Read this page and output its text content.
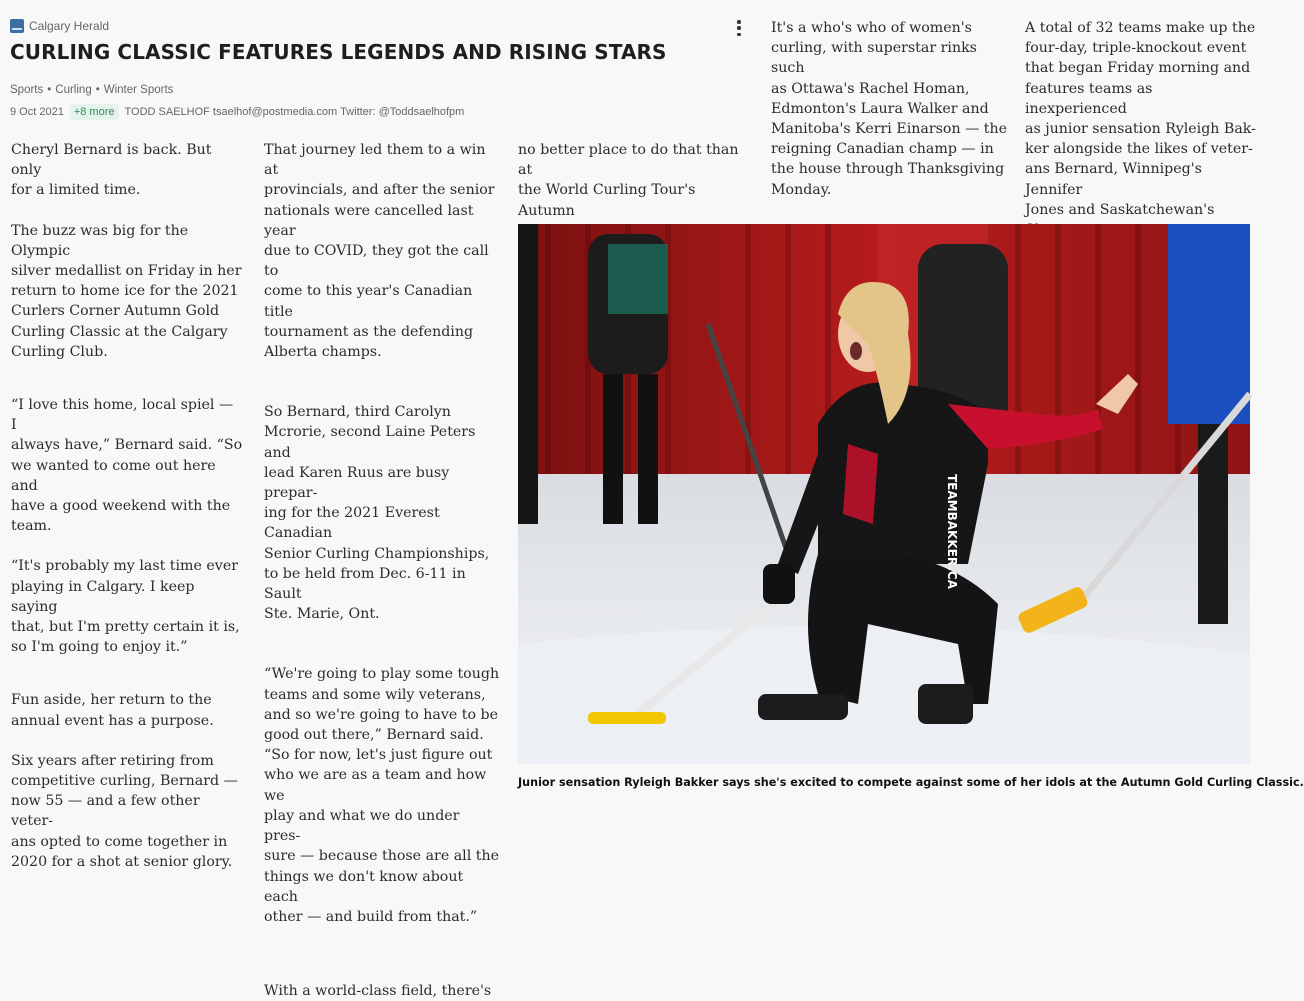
Calgary Herald
CURLING CLASSIC FEATURES LEGENDS AND RISING STARS
Sports • Curling • Winter Sports
9 Oct 2021 +8 more TODD SAELHOF tsaelhof@postmedia.com Twitter: @Toddsaelhofpm

Cheryl Bernard is back. But only
for a limited time.

The buzz was big for the Olympic
silver medallist on Friday in her
return to home ice for the 2021
Curlers Corner Autumn Gold
Curling Classic at the Calgary
Curling Club.

“I love this home, local spiel — I
always have,” Bernard said. “So
we wanted to come out here and
have a good weekend with the
team.

“It's probably my last time ever
playing in Calgary. I keep saying
that, but I'm pretty certain it is,
so I'm going to enjoy it.”

Fun aside, her return to the
annual event has a purpose.

Six years after retiring from
competitive curling, Bernard —
now 55 — and a few other veter-
ans opted to come together in
2020 for a shot at senior glory.

That journey led them to a win at
provincials, and after the senior
nationals were cancelled last year
due to COVID, they got the call to
come to this year's Canadian title
tournament as the defending
Alberta champs.

So Bernard, third Carolyn
Mcrorie, second Laine Peters and
lead Karen Ruus are busy prepar-
ing for the 2021 Everest Canadian
Senior Curling Championships,
to be held from Dec. 6-11 in Sault
Ste. Marie, Ont.

“We're going to play some tough
teams and some wily veterans,
and so we're going to have to be
good out there,” Bernard said.
“So for now, let's just figure out
who we are as a team and how we
play and what we do under pres-
sure — because those are all the
things we don't know about each
other — and build from that.”

With a world-class field, there's

no better place to do that than at
the World Curling Tour's Autumn

It's a who's who of women's
curling, with superstar rinks such
as Ottawa's Rachel Homan,
Edmonton's Laura Walker and
Manitoba's Kerri Einarson — the
reigning Canadian champ — in
the house through Thanksgiving
Monday.

A total of 32 teams make up the
four-day, triple-knockout event
that began Friday morning and
features teams as inexperienced
as junior sensation Ryleigh Bak-
ker alongside the likes of veter-
ans Bernard, Winnipeg's Jennifer
Jones and Saskatchewan's

TEAMBAKKER.CA
Junior sensation Ryleigh Bakker says she's excited to compete against some of her idols at the Autumn Gold Curling Classic.
